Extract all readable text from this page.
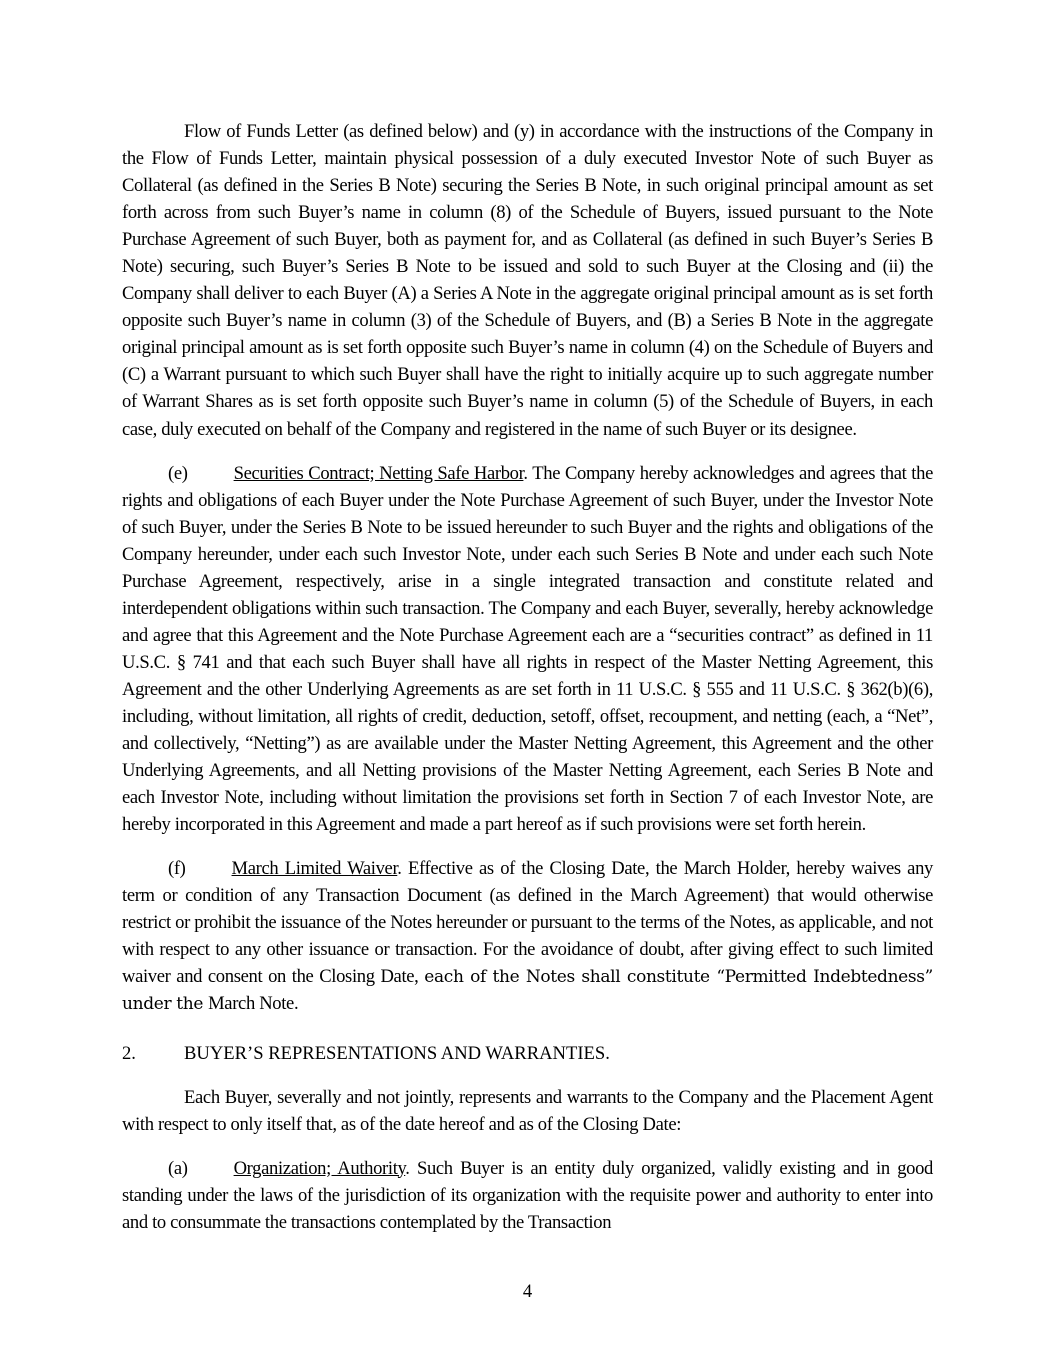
Flow of Funds Letter (as defined below) and (y) in accordance with the instructions of the Company in the Flow of Funds Letter, maintain physical possession of a duly executed Investor Note of such Buyer as Collateral (as defined in the Series B Note) securing the Series B Note, in such original principal amount as set forth across from such Buyer’s name in column (8) of the Schedule of Buyers, issued pursuant to the Note Purchase Agreement of such Buyer, both as payment for, and as Collateral (as defined in such Buyer’s Series B Note) securing, such Buyer’s Series B Note to be issued and sold to such Buyer at the Closing and (ii) the Company shall deliver to each Buyer (A) a Series A Note in the aggregate original principal amount as is set forth opposite such Buyer’s name in column (3) of the Schedule of Buyers, and (B) a Series B Note in the aggregate original principal amount as is set forth opposite such Buyer’s name in column (4) on the Schedule of Buyers and (C) a Warrant pursuant to which such Buyer shall have the right to initially acquire up to such aggregate number of Warrant Shares as is set forth opposite such Buyer’s name in column (5) of the Schedule of Buyers, in each case, duly executed on behalf of the Company and registered in the name of such Buyer or its designee.

(e) Securities Contract; Netting Safe Harbor. The Company hereby acknowledges and agrees that the rights and obligations of each Buyer under the Note Purchase Agreement of such Buyer, under the Investor Note of such Buyer, under the Series B Note to be issued hereunder to such Buyer and the rights and obligations of the Company hereunder, under each such Investor Note, under each such Series B Note and under each such Note Purchase Agreement, respectively, arise in a single integrated transaction and constitute related and interdependent obligations within such transaction. The Company and each Buyer, severally, hereby acknowledge and agree that this Agreement and the Note Purchase Agreement each are a “securities contract” as defined in 11 U.S.C. § 741 and that each such Buyer shall have all rights in respect of the Master Netting Agreement, this Agreement and the other Underlying Agreements as are set forth in 11 U.S.C. § 555 and 11 U.S.C. § 362(b)(6), including, without limitation, all rights of credit, deduction, setoff, offset, recoupment, and netting (each, a “Net”, and collectively, “Netting”) as are available under the Master Netting Agreement, this Agreement and the other Underlying Agreements, and all Netting provisions of the Master Netting Agreement, each Series B Note and each Investor Note, including without limitation the provisions set forth in Section 7 of each Investor Note, are hereby incorporated in this Agreement and made a part hereof as if such provisions were set forth herein.

(f) March Limited Waiver. Effective as of the Closing Date, the March Holder, hereby waives any term or condition of any Transaction Document (as defined in the March Agreement) that would otherwise restrict or prohibit the issuance of the Notes hereunder or pursuant to the terms of the Notes, as applicable, and not with respect to any other issuance or transaction. For the avoidance of doubt, after giving effect to such limited waiver and consent on the Closing Date, each of the Notes shall constitute “Permitted Indebtedness” under the March Note.

2.	BUYER’S REPRESENTATIONS AND WARRANTIES.

Each Buyer, severally and not jointly, represents and warrants to the Company and the Placement Agent with respect to only itself that, as of the date hereof and as of the Closing Date:

(a) Organization; Authority. Such Buyer is an entity duly organized, validly existing and in good standing under the laws of the jurisdiction of its organization with the requisite power and authority to enter into and to consummate the transactions contemplated by the Transaction

4
